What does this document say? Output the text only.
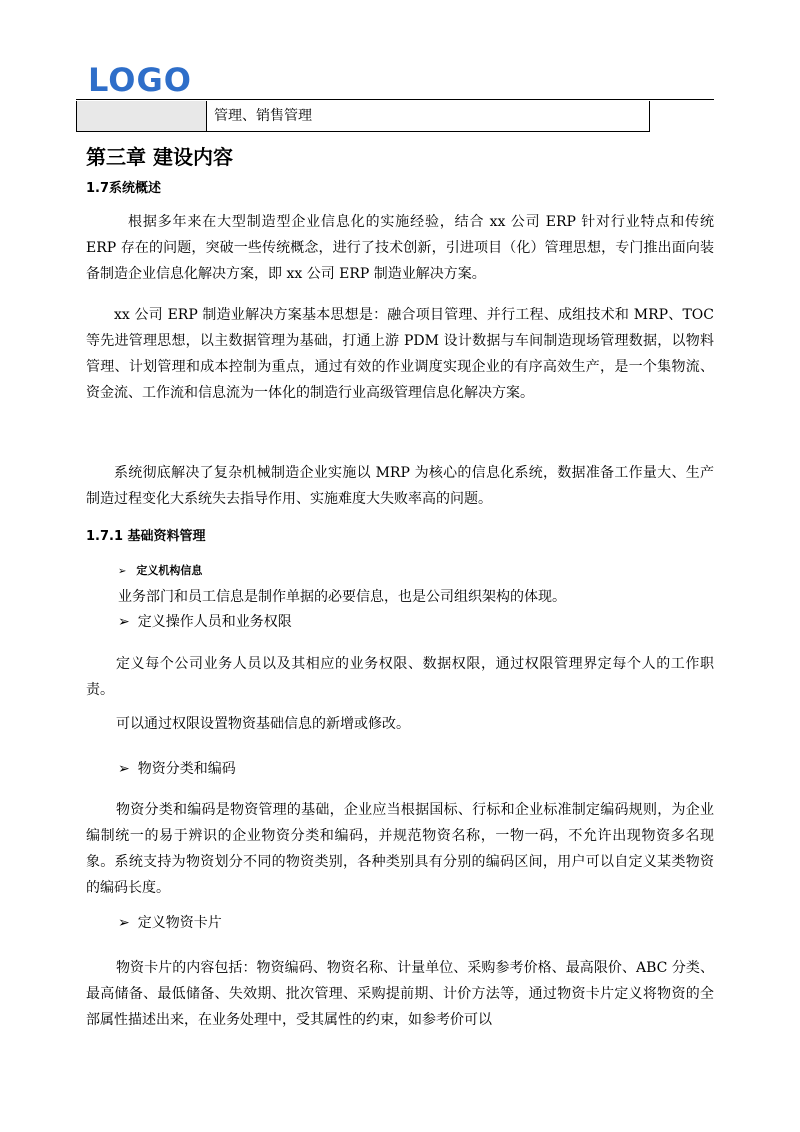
LOGO
管理、销售管理
第三章 建设内容
1.7系统概述
根据多年来在大型制造型企业信息化的实施经验，结合 xx 公司 ERP 针对行业特点和传统 ERP 存在的问题，突破一些传统概念，进行了技术创新，引进项目（化）管理思想，专门推出面向装备制造企业信息化解决方案，即 xx 公司 ERP 制造业解决方案。
xx 公司 ERP 制造业解决方案基本思想是：融合项目管理、并行工程、成组技术和 MRP、TOC 等先进管理思想，以主数据管理为基础，打通上游 PDM 设计数据与车间制造现场管理数据，以物料管理、计划管理和成本控制为重点，通过有效的作业调度实现企业的有序高效生产，是一个集物流、资金流、工作流和信息流为一体化的制造行业高级管理信息化解决方案。
系统彻底解决了复杂机械制造企业实施以 MRP 为核心的信息化系统，数据准备工作量大、生产制造过程变化大系统失去指导作用、实施难度大失败率高的问题。
1.7.1 基础资料管理
➢ 定义机构信息
业务部门和员工信息是制作单据的必要信息，也是公司组织架构的体现。
➢ 定义操作人员和业务权限
定义每个公司业务人员以及其相应的业务权限、数据权限，通过权限管理界定每个人的工作职责。
可以通过权限设置物资基础信息的新增或修改。
➢ 物资分类和编码
物资分类和编码是物资管理的基础，企业应当根据国标、行标和企业标准制定编码规则，为企业编制统一的易于辨识的企业物资分类和编码，并规范物资名称，一物一码，不允许出现物资多名现象。系统支持为物资划分不同的物资类别，各种类别具有分别的编码区间，用户可以自定义某类物资的编码长度。
➢ 定义物资卡片
物资卡片的内容包括：物资编码、物资名称、计量单位、采购参考价格、最高限价、ABC 分类、最高储备、最低储备、失效期、批次管理、采购提前期、计价方法等，通过物资卡片定义将物资的全部属性描述出来，在业务处理中，受其属性的约束，如参考价可以
